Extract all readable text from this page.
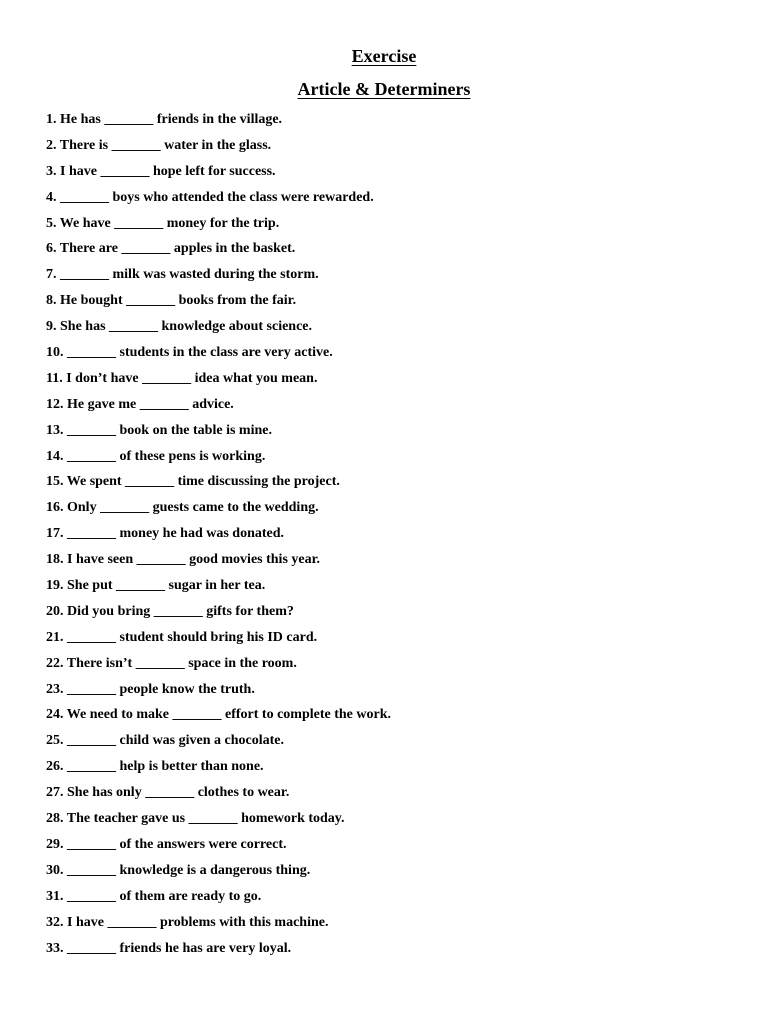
Exercise
Article & Determiners
1. He has _______ friends in the village.
2. There is _______ water in the glass.
3. I have _______ hope left for success.
4. _______ boys who attended the class were rewarded.
5. We have _______ money for the trip.
6. There are _______ apples in the basket.
7. _______ milk was wasted during the storm.
8. He bought _______ books from the fair.
9. She has _______ knowledge about science.
10. _______ students in the class are very active.
11. I don’t have _______ idea what you mean.
12. He gave me _______ advice.
13. _______ book on the table is mine.
14. _______ of these pens is working.
15. We spent _______ time discussing the project.
16. Only _______ guests came to the wedding.
17. _______ money he had was donated.
18. I have seen _______ good movies this year.
19. She put _______ sugar in her tea.
20. Did you bring _______ gifts for them?
21. _______ student should bring his ID card.
22. There isn’t _______ space in the room.
23. _______ people know the truth.
24. We need to make _______ effort to complete the work.
25. _______ child was given a chocolate.
26. _______ help is better than none.
27. She has only _______ clothes to wear.
28. The teacher gave us _______ homework today.
29. _______ of the answers were correct.
30. _______ knowledge is a dangerous thing.
31. _______ of them are ready to go.
32. I have _______ problems with this machine.
33. _______ friends he has are very loyal.
